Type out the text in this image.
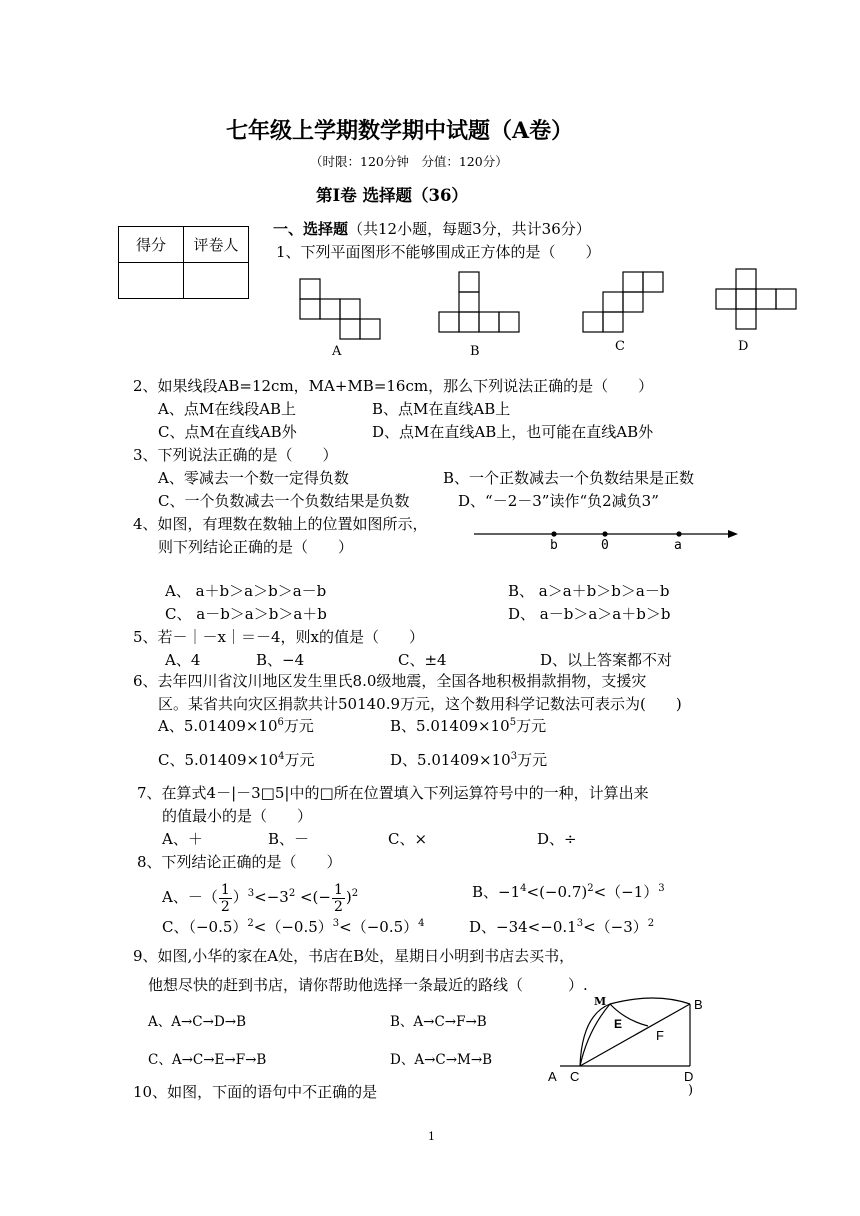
七年级上学期数学期中试题（A卷）
（时限：120分钟　分值：120分）
第Ⅰ卷 选择题（36）
得分	评卷人

一、选择题（共12小题，每题3分，共计36分）
1、下列平面图形不能够围成正方体的是（　　）
A	B	C	D
2、如果线段AB=12cm，MA+MB=16cm，那么下列说法正确的是（　　）
A、点M在线段AB上	B、点M在直线AB上
C、点M在直线AB外	D、点M在直线AB上，也可能在直线AB外
3、下列说法正确的是（　　）
A、零减去一个数一定得负数	B、一个正数减去一个负数结果是正数
C、一个负数减去一个负数结果是负数	D、“－2－3”读作“负2减负3”
4、如图，有理数在数轴上的位置如图所示，
则下列结论正确的是（　　）	b	0	a
A、 a＋b＞a＞b＞a－b	B、 a＞a＋b＞b＞a－b
C、 a－b＞a＞b＞a＋b	D、 a－b＞a＞a＋b＞b
5、若－｜－x｜＝－4，则x的值是（　　）
A、4	B、−4	C、±4	D、以上答案都不对
6、去年四川省汶川地区发生里氏8.0级地震，全国各地积极捐款捐物，支援灾
区。某省共向灾区捐款共计50140.9万元，这个数用科学记数法可表示为(　　)
A、$5.01409\times 10^6$万元	B、$5.01409\times 10^5$万元
C、$5.01409\times 10^4$万元	D、$5.01409\times 10^3$万元
7、在算式4－|－3□5|中的□所在位置填入下列运算符号中的一种，计算出来
的值最小的是（　　）
A、＋	B、－	C、×	D、÷
8、下列结论正确的是（　　）
A、－（ $\frac{1}{2} )^3<-3^2$ <(− $\frac{1}{2} )^2$	B、$-1^4<(-0.7)^2<(-1)^3$
C、$(-0.5)^2<(-0.5)^3<(-0.5)^4$	D、$-34<-0.1^3<(-3)^2$
9、如图,小华的家在A处，书店在B处，星期日小明到书店去买书，
他想尽快的赶到书店，请你帮助他选择一条最近的路线（　　　）.
A、A→C→D→B	B、A→C→F→B
C、A→C→E→F→B	D、A→C→M→B
M	B
E
F
A C	D
10、如图，下面的语句中不正确的是	)
1
